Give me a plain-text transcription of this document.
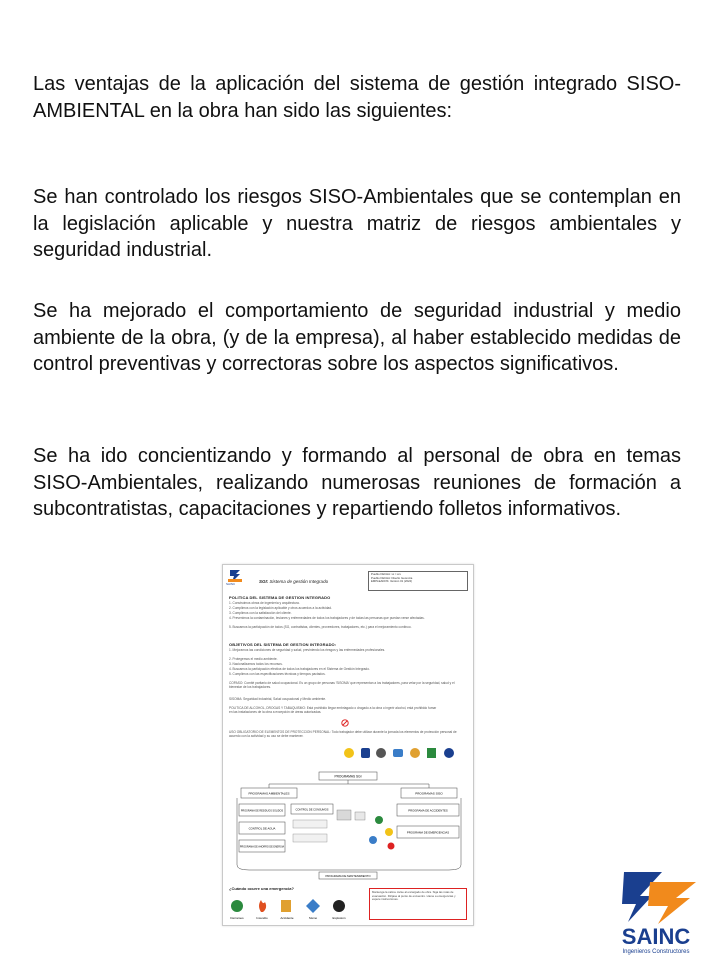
Las ventajas de la aplicación del sistema de gestión integrado SISO-AMBIENTAL en la obra han sido las siguientes:

Se han controlado los riesgos SISO-Ambientales que se contemplan en la legislación aplicable y nuestra matriz de riesgos ambientales y seguridad industrial.

Se ha mejorado el comportamiento de seguridad industrial y medio ambiente de la obra, (y de la empresa), al haber establecido medidas de control preventivas y correctoras sobre los aspectos significativos.

Se ha ido concientizando y formando al personal de obra en temas SISO-Ambientales, realizando numerosas reuniones de formación a subcontratistas, capacitaciones y repartiendo folletos informativos.

SAINC	SGI: Sistema de gestión Integrado
Pueblo FECHA: xx / xxx
Pueblo FECHA: Diseño Gerencia
EMPLEADOS: Versión 01 (2024)
POLITICA DEL SISTEMA DE GESTION INTEGRADO
1. Construimos obras de ingeniería y arquitectura.
2. Cumplimos con la legislación aplicable y otros acuerdos a la actividad.
3. Cumplimos con la satisfacción del cliente.
4. Prevenimos la contaminación, lesiones y enfermedades de todos los trabajadores y de todas las personas que puedan verse afectadas.
5. Buscamos la participación de todos (SG, contratistas, clientes, proveedores, trabajadores, etc.) para el mejoramiento continuo.
OBJETIVOS DEL SISTEMA DE GESTION INTEGRADO:
1. Mejoramos las condiciones de seguridad y salud, previniendo los riesgos y las enfermedades profesionales.
2. Protegemos el medio ambiente.
3. Nacionalizamos todos los recursos.
4. Buscamos la participación efectiva de todos los trabajadores en el Sistema de Gestión Integrado.
5. Cumplimos con las especificaciones técnicas y tiempos pactados.
COPASO: Comité paritario de salud ocupacional. Es un grupo de personas 'SISOMA' que representan a los trabajadores, para velar por la seguridad, salud y el bienestar de los trabajadores.
SISOMA: Seguridad industrial, Salud ocupacional y Medio ambiente.
POLITICA DE ALCOHOL, DROGAS Y TABAQUISMO: Está prohibido llegar embriagado o drogado a la obra o ingerir alcohol, está prohibido fumar en las instalaciones de la obra a excepción de áreas autorizadas.
USO OBLIGATORIO DE ELEMENTOS DE PROTECCION PERSONAL: Todo trabajador debe utilizar durante la jornada los elementos de protección personal de acuerdo con la actividad y su uso se debe mantener.
PROGRAMAS SGI
PROGRAMAS AMBIENTALES	PROGRAMAS SISO
PROGRAMA DE RESIDUOS SOLIDOS
CONTROL DE AGUA
PROGRAMA DE AHORRO DE ENERGIA
CONTROL DE CONSUMOS	PROGRAMA DE ACCIDENTES
PROGRAMA DE EMERGENCIAS
PROGRAMA DE MANTENIMIENTO
¿Cuándo ocurre una emergencia?
Derrames	Incendio	Accidente	Sismo	Explosión
Mantenga la calma. Avise al encargado de obra. Siga las rutas de evacuación. Diríjase al punto de encuentro. Llame a emergencias y espere instrucciones.
SAINC
Ingenieros Constructores
